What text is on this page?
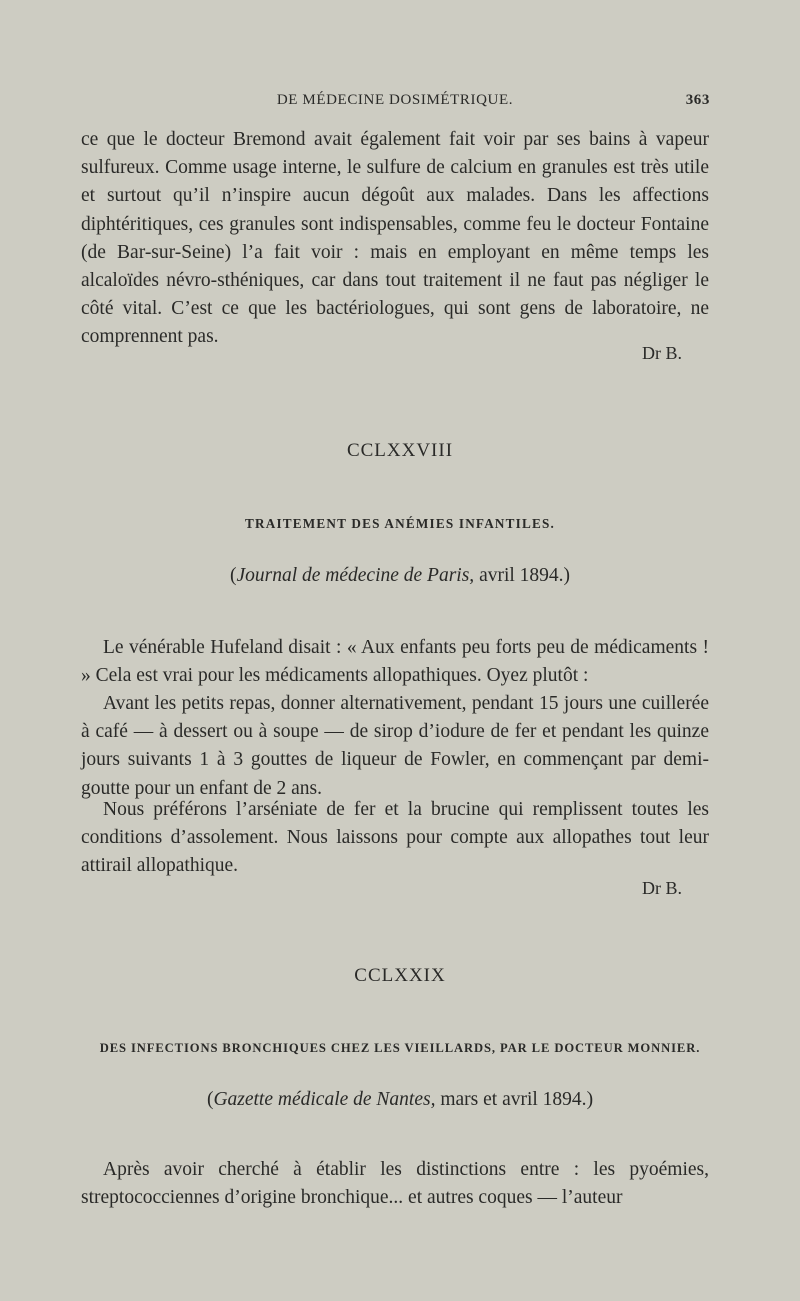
DE MÉDECINE DOSIMÉTRIQUE.	363

ce que le docteur Bremond avait également fait voir par ses bains à vapeur sulfureux. Comme usage interne, le sulfure de calcium en granules est très utile et surtout qu’il n’inspire aucun dégoût aux malades. Dans les affections diphtéritiques, ces granules sont indispensables, comme feu le docteur Fontaine (de Bar-sur-Seine) l’a fait voir : mais en employant en même temps les alcaloïdes névro-sthéniques, car dans tout traitement il ne faut pas négliger le côté vital. C’est ce que les bactériologues, qui sont gens de laboratoire, ne comprennent pas.

Dr B.
CCLXXVIII
TRAITEMENT DES ANÉMIES INFANTILES.
(Journal de médecine de Paris, avril 1894.)

Le vénérable Hufeland disait : « Aux enfants peu forts peu de médicaments ! » Cela est vrai pour les médicaments allopathiques. Oyez plutôt :

Avant les petits repas, donner alternativement, pendant 15 jours une cuillerée à café — à dessert ou à soupe — de sirop d’iodure de fer et pendant les quinze jours suivants 1 à 3 gouttes de liqueur de Fowler, en commençant par demi-goutte pour un enfant de 2 ans.

Nous préférons l’arséniate de fer et la brucine qui remplissent toutes les conditions d’assolement. Nous laissons pour compte aux allopathes tout leur attirail allopathique.

Dr B.
CCLXXIX
DES INFECTIONS BRONCHIQUES CHEZ LES VIEILLARDS, PAR LE DOCTEUR MONNIER.
(Gazette médicale de Nantes, mars et avril 1894.)

Après avoir cherché à établir les distinctions entre : les pyoémies, streptococciennes d’origine bronchique... et autres coques — l’auteur
